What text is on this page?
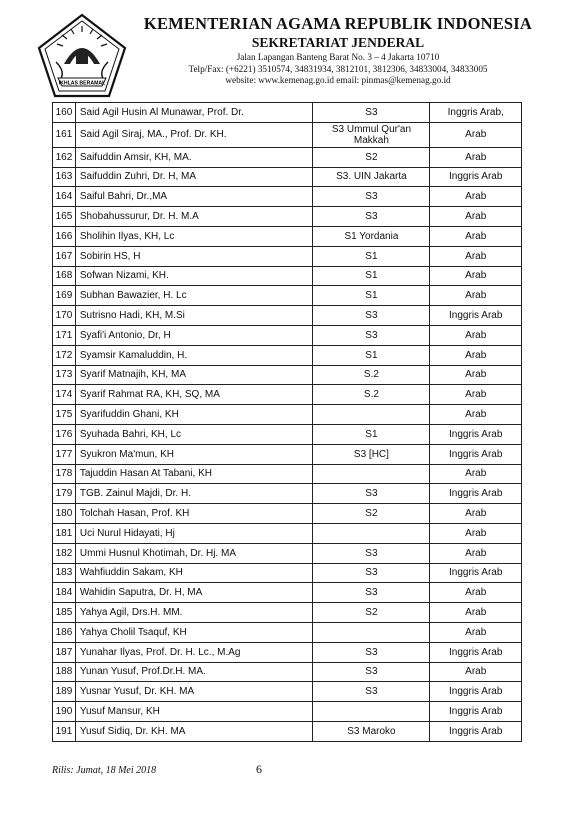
IKHLAS BERAMAL
KEMENTERIAN AGAMA REPUBLIK INDONESIA
SEKRETARIAT JENDERAL
Jalan Lapangan Banteng Barat No. 3 – 4 Jakarta 10710
Telp/Fax: (+6221) 3510574, 34831934, 3812101, 3812306, 34833004, 34833005
website: www.kemenag.go.id email: pinmas@kemenag.go.id
160	Said Agil Husin Al Munawar, Prof. Dr.	S3	Inggris Arab,
161	Said Agil Siraj, MA., Prof. Dr. KH.	S3 Ummul Qur'an Makkah	Arab
162	Saifuddin Amsir, KH, MA.	S2	Arab
163	Saifuddin Zuhri, Dr. H, MA	S3. UIN Jakarta	Inggris Arab
164	Saiful Bahri, Dr.,MA	S3	Arab
165	Shobahussurur, Dr. H. M.A	S3	Arab
166	Sholihin Ilyas, KH, Lc	S1 Yordania	Arab
167	Sobirin HS, H	S1	Arab
168	Sofwan Nizami, KH.	S1	Arab
169	Subhan Bawazier, H. Lc	S1	Arab
170	Sutrisno Hadi, KH, M.Si	S3	Inggris Arab
171	Syafi'i Antonio, Dr, H	S3	Arab
172	Syamsir Kamaluddin, H.	S1	Arab
173	Syarif Matnajih, KH, MA	S.2	Arab
174	Syarif Rahmat RA, KH, SQ, MA	S.2	Arab
175	Syarifuddin Ghani, KH		Arab
176	Syuhada Bahri, KH, Lc	S1	Inggris Arab
177	Syukron Ma'mun, KH	S3 [HC]	Inggris Arab
178	Tajuddin Hasan At Tabani, KH		Arab
179	TGB. Zainul Majdi, Dr. H.	S3	Inggris Arab
180	Tolchah Hasan, Prof. KH	S2	Arab
181	Uci Nurul Hidayati, Hj		Arab
182	Ummi Husnul Khotimah, Dr. Hj. MA	S3	Arab
183	Wahfiuddin Sakam, KH	S3	Inggris Arab
184	Wahidin Saputra, Dr. H, MA	S3	Arab
185	Yahya Agil, Drs.H. MM.	S2	Arab
186	Yahya Cholil Tsaquf, KH		Arab
187	Yunahar Ilyas, Prof. Dr. H. Lc., M.Ag	S3	Inggris Arab
188	Yunan Yusuf, Prof.Dr.H. MA.	S3	Arab
189	Yusnar Yusuf, Dr. KH. MA	S3	Inggris Arab
190	Yusuf Mansur, KH		Inggris Arab
191	Yusuf Sidiq, Dr. KH. MA	S3 Maroko	Inggris Arab
Rilis: Jumat, 18 Mei 2018	6
